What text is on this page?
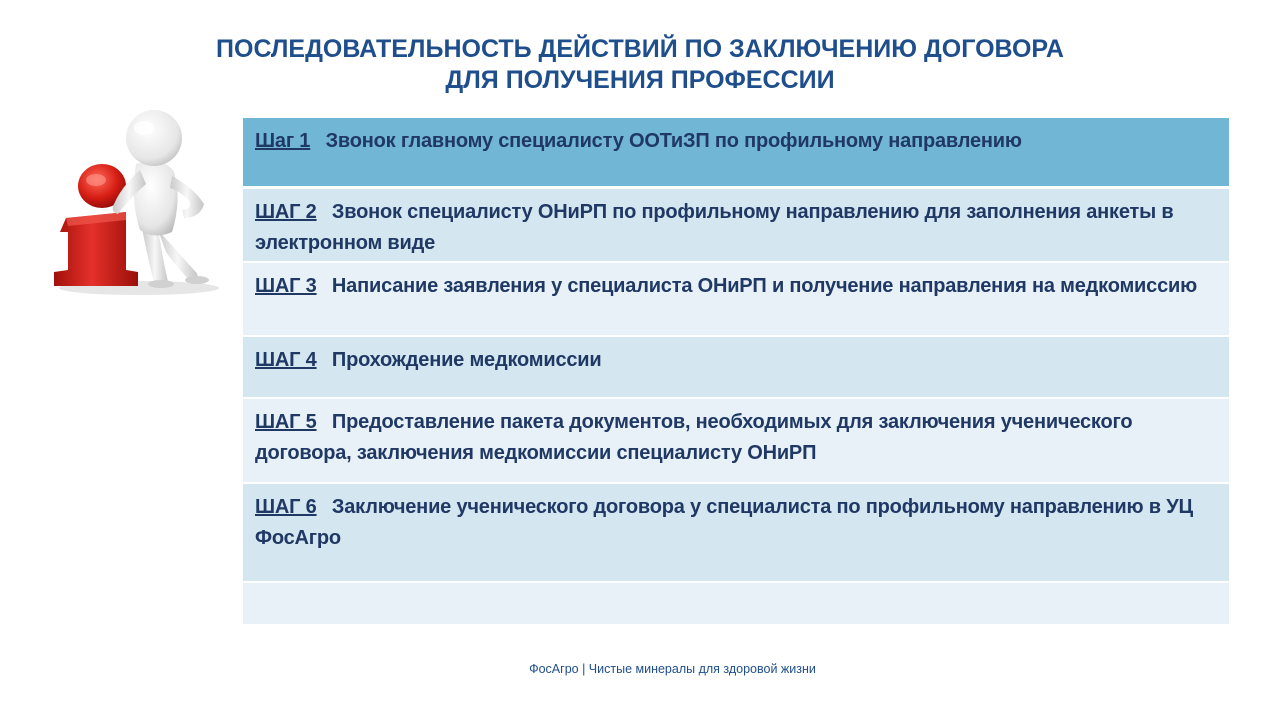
ПОСЛЕДОВАТЕЛЬНОСТЬ ДЕЙСТВИЙ ПО ЗАКЛЮЧЕНИЮ ДОГОВОРА
ДЛЯ ПОЛУЧЕНИЯ ПРОФЕССИИ
Шаг 1 Звонок главному специалисту ООТиЗП по профильному направлению
ШАГ 2 Звонок специалисту ОНиРП по профильному направлению для заполнения анкеты в электронном виде
ШАГ 3 Написание заявления у специалиста ОНиРП и получение направления на медкомиссию
ШАГ 4 Прохождение медкомиссии
ШАГ 5 Предоставление пакета документов, необходимых для заключения ученического договора, заключения медкомиссии специалисту ОНиРП
ШАГ 6 Заключение ученического договора у специалиста по профильному направлению в УЦ ФосАгро
ФосАгро | Чистые минералы для здоровой жизни
